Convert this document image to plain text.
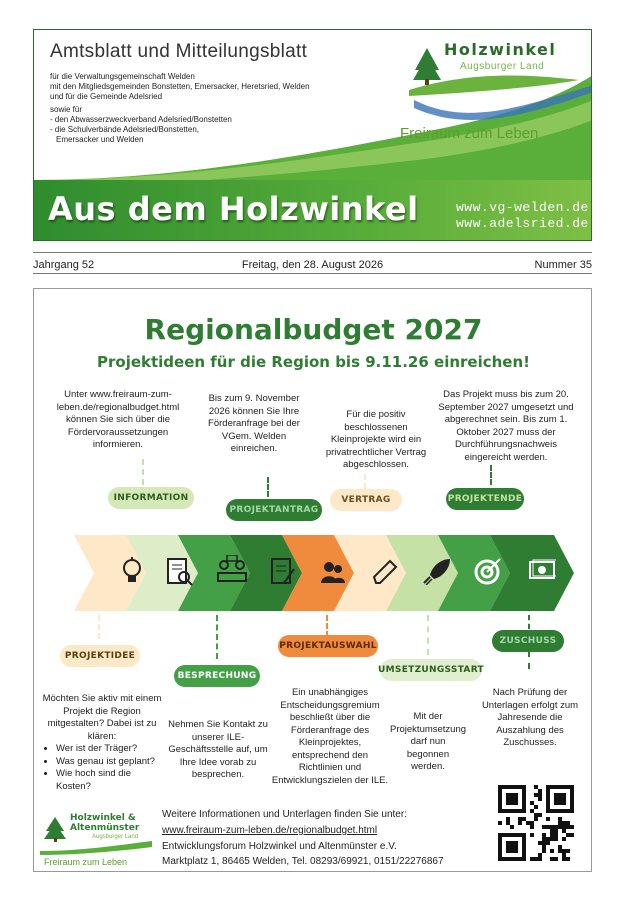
Amtsblatt und Mitteilungsblatt
für die Verwaltungsgemeinschaft Welden
mit den Mitgliedsgemeinden Bonstetten, Emersacker, Heretsried, Welden
und für die Gemeinde Adelsried
sowie für
- den Abwasserzweckverband Adelsried/Bonstetten
- die Schulverbände Adelsried/Bonstetten,
Emersacker und Welden
Holzwinkel
Augsburger Land
Freiraum zum Leben
Aus dem Holzwinkel	www.vg-welden.de
www.adelsried.de
Jahrgang 52	Freitag, den 28. August 2026	Nummer 35
Regionalbudget 2027
Projektideen für die Region bis 9.11.26 einreichen!
Unter www.freiraum-zum-leben.de/regionalbudget.html können Sie sich über die Fördervoraussetzungen informieren.
Bis zum 9. November 2026 können Sie Ihre Förderanfrage bei der VGem. Welden einreichen.
Für die positiv beschlossenen Kleinprojekte wird ein privatrechtlicher Vertrag abgeschlossen.
Das Projekt muss bis zum 20. September 2027 umgesetzt und abgerechnet sein. Bis zum 1. Oktober 2027 muss der Durchführungsnachweis eingereicht werden.
INFORMATION
PROJEKTANTRAG
VERTRAG	PROJEKTENDE
PROJEKTIDEE
BESPRECHUNG
PROJEKTAUSWAHL
UMSETZUNGSSTART
ZUSCHUSS
Möchten Sie aktiv mit einem Projekt die Region mitgestalten? Dabei ist zu klären:
• Wer ist der Träger?
• Was genau ist geplant?
• Wie hoch sind die Kosten?
Nehmen Sie Kontakt zu unserer ILE-Geschäftsstelle auf, um Ihre Idee vorab zu besprechen.
Ein unabhängiges Entscheidungsgremium beschließt über die Förderanfrage des Kleinprojektes, entsprechend den Richtlinien und Entwicklungszielen der ILE.
Mit der Projektumsetzung darf nun begonnen werden.
Nach Prüfung der Unterlagen erfolgt zum Jahresende die Auszahlung des Zuschusses.
Holzwinkel &
Altenmünster
Augsburger Land
Freiraum zum Leben
Weitere Informationen und Unterlagen finden Sie unter:
www.freiraum-zum-leben.de/regionalbudget.html
Entwicklungsforum Holzwinkel und Altenmünster e.V.
Marktplatz 1, 86465 Welden, Tel. 08293/69921, 0151/22276867
